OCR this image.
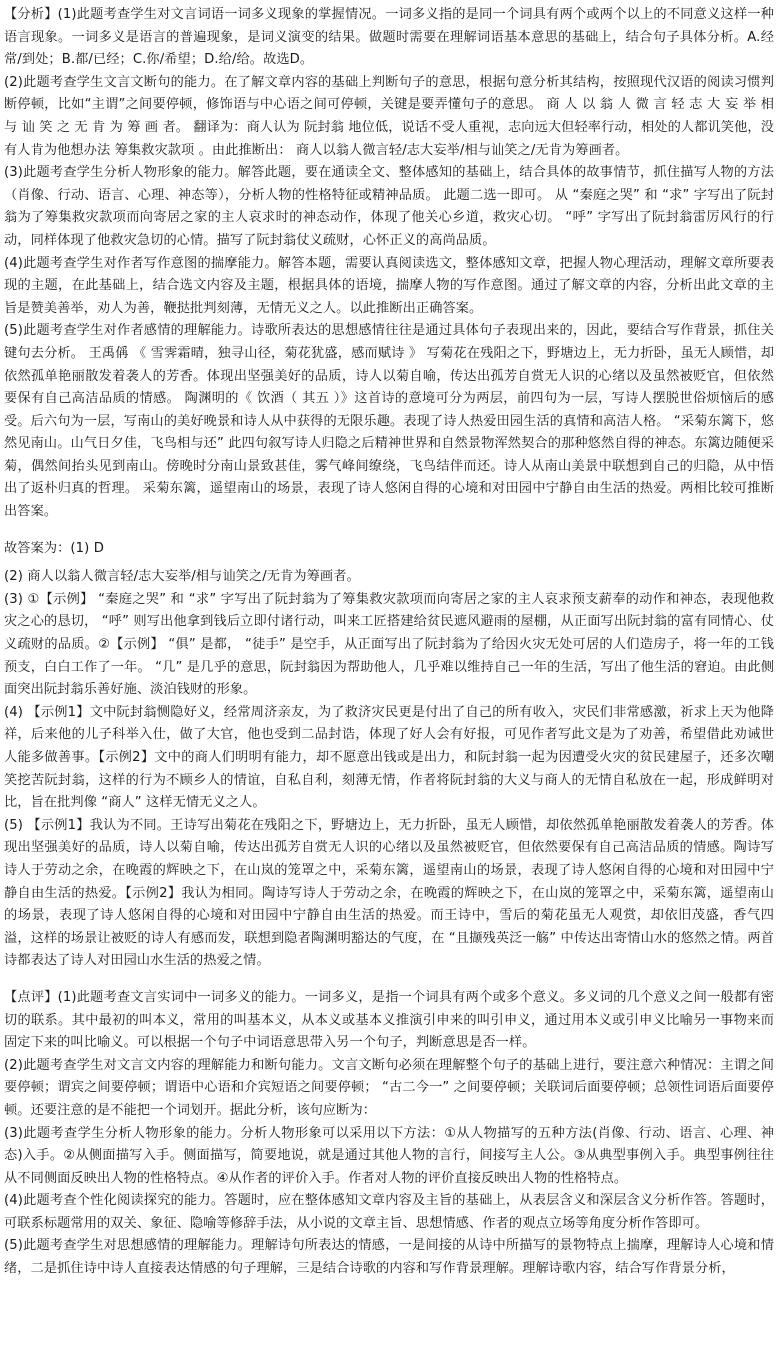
【分析】(1)此题考查学生对文言词语一词多义现象的掌握情况。一词多义指的是同一个词具有两个或两个以上的不同意义这样一种语言现象。一词多义是语言的普遍现象，是词义演变的结果。做题时需要在理解词语基本意思的基础上，结合句子具体分析。A.经常/到处；B.都/已经；C.你/希望；D.给/给。故选D。

(2)此题考查学生文言文断句的能力。在了解文章内容的基础上判断句子的意思，根据句意分析其结构，按照现代汉语的阅读习惯判断停顿，比如“主谓”之间要停顿，修饰语与中心语之间可停顿，关键是要弄懂句子的意思。 商 人 以 翁 人 微 言 轻 志 大 妄 举 相 与 讪 笑 之 无 肯 为 筹 画 者。 翻译为：商人认为 阮封翁 地位低，说话不受人重视，志向远大但轻率行动，相处的人都讥笑他，没有人肯为他想办法 筹集救灾款项 。由此推断出： 商人以翁人微言轻/志大妄举/相与讪笑之/无肯为筹画者。

(3)此题考查学生分析人物形象的能力。解答此题，要在通读全文、整体感知的基础上，结合具体的故事情节，抓住描写人物的方法（肖像、行动、语言、心理、神态等），分析人物的性格特征或精神品质。 此题二选一即可。 从 “秦庭之哭” 和 “求” 字写出了阮封翁为了筹集救灾款项而向寄居之家的主人哀求时的神态动作，体现了他关心乡道，救灾心切。 “呼” 字写出了阮封翁雷厉风行的行动，同样体现了他救灾急切的心情。描写了阮封翁仗义疏财，心怀正义的高尚品质。

(4)此题考查学生对作者写作意图的揣摩能力。解答本题，需要认真阅读选文，整体感知文章，把握人物心理活动，理解文章所要表现的主题，在此基础上，结合选文内容及主题，根据具体的语境，揣摩人物的写作意图。通过了解文章的内容，分析出此文章的主旨是赞美善举，劝人为善，鞭挞批判刻薄，无情无义之人。以此推断出正确答案。

(5)此题考查学生对作者感情的理解能力。诗歌所表达的思想感情往往是通过具体句子表现出来的，因此，要结合写作背景，抓住关键句去分析。 王禹偁 《 雪霁霜晴，独寻山径，菊花犹盛，感而赋诗 》 写菊花在残阳之下，野塘边上，无力折卧，虽无人顾惜，却依然孤单艳丽散发着袭人的芳香。体现出坚强美好的品质，诗人以菊自喻，传达出孤芳自赏无人识的心绪以及虽然被贬官，但依然要保有自己高洁品质的情感。 陶渊明的《 饮酒（ 其五 ）》这首诗的意境可分为两层，前四句为一层，写诗人摆脱世俗烦恼后的感受。后六句为一层，写南山的美好晚景和诗人从中获得的无限乐趣。表现了诗人热爱田园生活的真情和高洁人格。 “采菊东篱下，悠然见南山。山气日夕佳，飞鸟相与还” 此四句叙写诗人归隐之后精神世界和自然景物浑然契合的那种悠然自得的神态。东篱边随便采菊，偶然间抬头见到南山。傍晚时分南山景致甚佳，雾气峰间缭绕，飞鸟结伴而还。诗人从南山美景中联想到自己的归隐，从中悟出了返朴归真的哲理。 采菊东篱，遥望南山的场景，表现了诗人悠闲自得的心境和对田园中宁静自由生活的热爱。两相比较可推断出答案。

故答案为：(1) D

(2) 商人以翁人微言轻/志大妄举/相与讪笑之/无肯为筹画者。

(3) ①【示例】 “秦庭之哭” 和 “求” 字写出了阮封翁为了筹集救灾款项而向寄居之家的主人哀求预支薪奉的动作和神态，表现他救灾之心的恳切， “呼” 则写出他拿到钱后立即付诸行动，叫来工匠搭建给贫民遮风避雨的屋棚，从正面写出阮封翁的富有同情心、仗义疏财的品质。②【示例】 “俱” 是都， “徒手” 是空手，从正面写出了阮封翁为了给因火灾无处可居的人们造房子，将一年的工钱预支，白白工作了一年。 “几” 是几乎的意思，阮封翁因为帮助他人，几乎难以维持自己一年的生活，写出了他生活的窘迫。由此侧面突出阮封翁乐善好施、淡泊钱财的形象。

(4) 【示例1】文中阮封翁恻隐好义，经常周济亲友，为了救济灾民更是付出了自己的所有收入，灾民们非常感激，祈求上天为他降祥，后来他的儿子科举入仕，做了大官，他也受到二品封诰，体现了好人会有好报，可见作者写此文是为了劝善，希望借此劝诫世人能多做善事。【示例2】文中的商人们明明有能力，却不愿意出钱或是出力，和阮封翁一起为因遭受火灾的贫民建屋子，还多次嘲笑挖苦阮封翁，这样的行为不顾乡人的情谊，自私自利，刻薄无情，作者将阮封翁的大义与商人的无情自私放在一起，形成鲜明对比，旨在批判像 “商人” 这样无情无义之人。

(5) 【示例1】我认为不同。王诗写出菊花在残阳之下，野塘边上，无力折卧，虽无人顾惜，却依然孤单艳丽散发着袭人的芳香。体现出坚强美好的品质，诗人以菊自喻，传达出孤芳自赏无人识的心绪以及虽然被贬官，但依然要保有自己高洁品质的情感。陶诗写诗人于劳动之余，在晚霞的辉映之下，在山岚的笼罩之中，采菊东篱，遥望南山的场景，表现了诗人悠闲自得的心境和对田园中宁静自由生活的热爱。【示例2】我认为相同。陶诗写诗人于劳动之余，在晚霞的辉映之下，在山岚的笼罩之中，采菊东篱，遥望南山的场景，表现了诗人悠闲自得的心境和对田园中宁静自由生活的热爱。而王诗中，雪后的菊花虽无人观赏，却依旧茂盛，香气四溢，这样的场景让被贬的诗人有感而发，联想到隐者陶渊明豁达的气度，在 “且撷残英泛一觞” 中传达出寄情山水的悠然之情。两首诗都表达了诗人对田园山水生活的热爱之情。

【点评】(1)此题考查文言实词中一词多义的能力。一词多义，是指一个词具有两个或多个意义。多义词的几个意义之间一般都有密切的联系。其中最初的叫本义，常用的叫基本义，从本义或基本义推演引申来的叫引申义，通过用本义或引申义比喻另一事物来而固定下来的叫比喻义。可以根据一个句子中词语意思带入另一个句子，判断意思是否一样。

(2)此题考查学生对文言文内容的理解能力和断句能力。文言文断句必须在理解整个句子的基础上进行，要注意六种情况：主谓之间要停顿；谓宾之间要停顿；谓语中心语和介宾短语之间要停顿； “古二今一” 之间要停顿；关联词后面要停顿；总领性词语后面要停顿。还要注意的是不能把一个词划开。据此分析，该句应断为：

(3)此题考查学生分析人物形象的能力。分析人物形象可以采用以下方法：①从人物描写的五种方法(肖像、行动、语言、心理、神态)入手。②从侧面描写入手。侧面描写，简要地说，就是通过其他人物的言行，间接写主人公。③从典型事例入手。典型事例往往从不同侧面反映出人物的性格特点。④从作者的评价入手。作者对人物的评价直接反映出人物的性格特点。

(4)此题考查个性化阅读探究的能力。答题时，应在整体感知文章内容及主旨的基础上，从表层含义和深层含义分析作答。答题时，可联系标题常用的双关、象征、隐喻等修辞手法，从小说的文章主旨、思想情感、作者的观点立场等角度分析作答即可。

(5)此题考查学生对思想感情的理解能力。理解诗句所表达的情感，一是间接的从诗中所描写的景物特点上揣摩，理解诗人心境和情绪，二是抓住诗中诗人直接表达情感的句子理解，三是结合诗歌的内容和写作背景理解。理解诗歌内容，结合写作背景分析，
